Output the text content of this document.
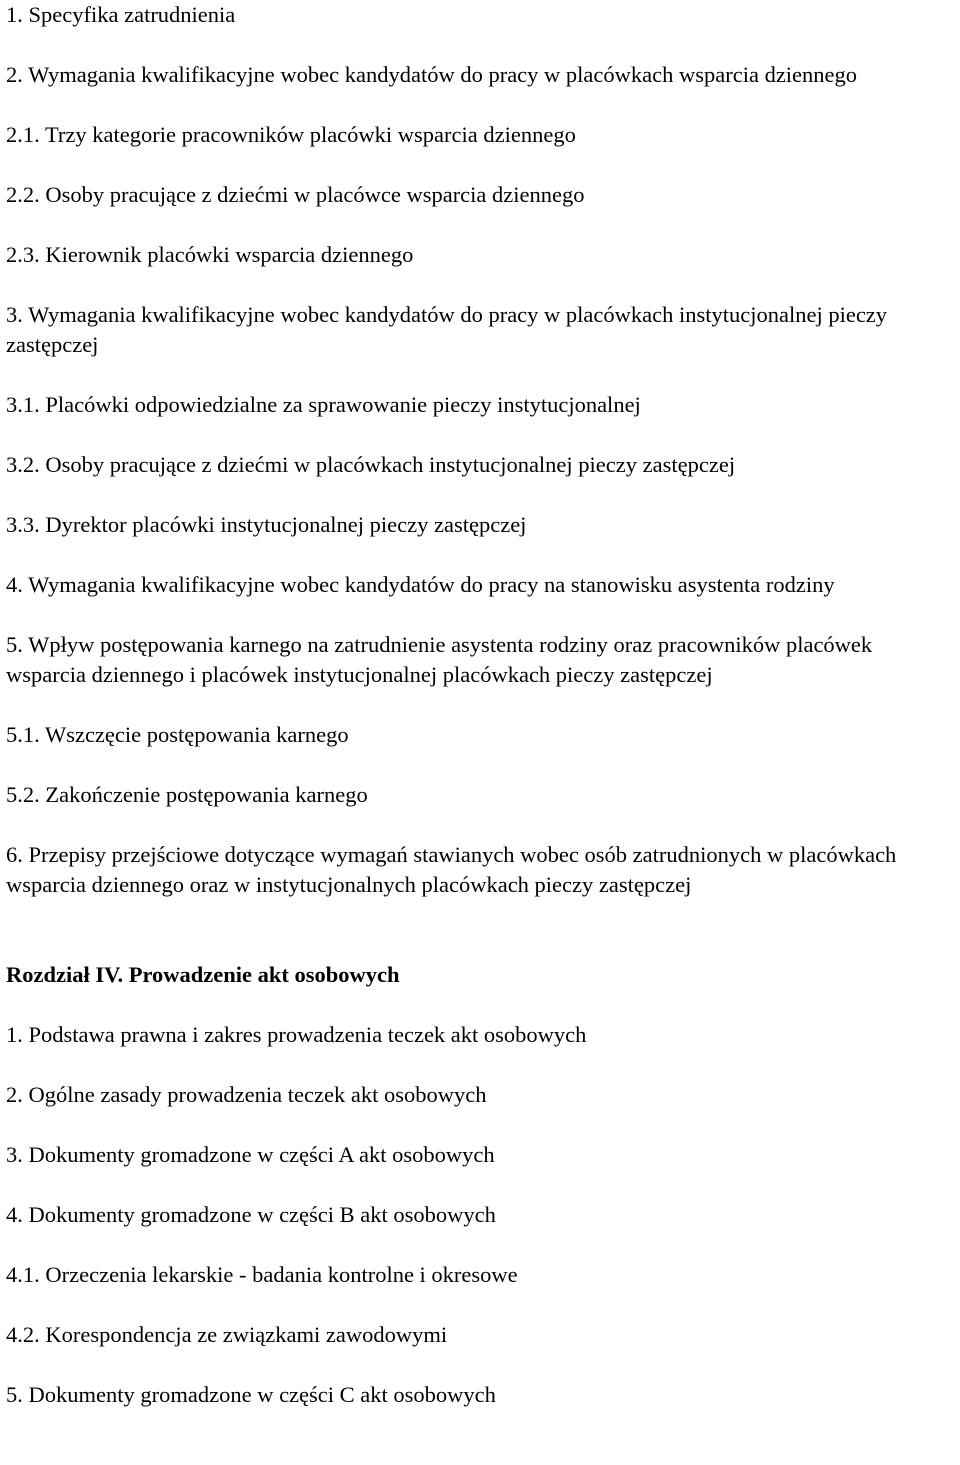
1. Specyfika zatrudnienia
2. Wymagania kwalifikacyjne wobec kandydatów do pracy w placówkach wsparcia dziennego
2.1. Trzy kategorie pracowników placówki wsparcia dziennego
2.2. Osoby pracujące z dziećmi w placówce wsparcia dziennego
2.3. Kierownik placówki wsparcia dziennego
3. Wymagania kwalifikacyjne wobec kandydatów do pracy w placówkach instytucjonalnej pieczy zastępczej
3.1. Placówki odpowiedzialne za sprawowanie pieczy instytucjonalnej
3.2. Osoby pracujące z dziećmi w placówkach instytucjonalnej pieczy zastępczej
3.3. Dyrektor placówki instytucjonalnej pieczy zastępczej
4. Wymagania kwalifikacyjne wobec kandydatów do pracy na stanowisku asystenta rodziny
5. Wpływ postępowania karnego na zatrudnienie asystenta rodziny oraz pracowników placówek wsparcia dziennego i placówek instytucjonalnej placówkach pieczy zastępczej
5.1. Wszczęcie postępowania karnego
5.2. Zakończenie postępowania karnego
6. Przepisy przejściowe dotyczące wymagań stawianych wobec osób zatrudnionych w placówkach wsparcia dziennego oraz w instytucjonalnych placówkach pieczy zastępczej
Rozdział IV. Prowadzenie akt osobowych
1. Podstawa prawna i zakres prowadzenia teczek akt osobowych
2. Ogólne zasady prowadzenia teczek akt osobowych
3. Dokumenty gromadzone w części A akt osobowych
4. Dokumenty gromadzone w części B akt osobowych
4.1. Orzeczenia lekarskie - badania kontrolne i okresowe
4.2. Korespondencja ze związkami zawodowymi
5. Dokumenty gromadzone w części C akt osobowych
